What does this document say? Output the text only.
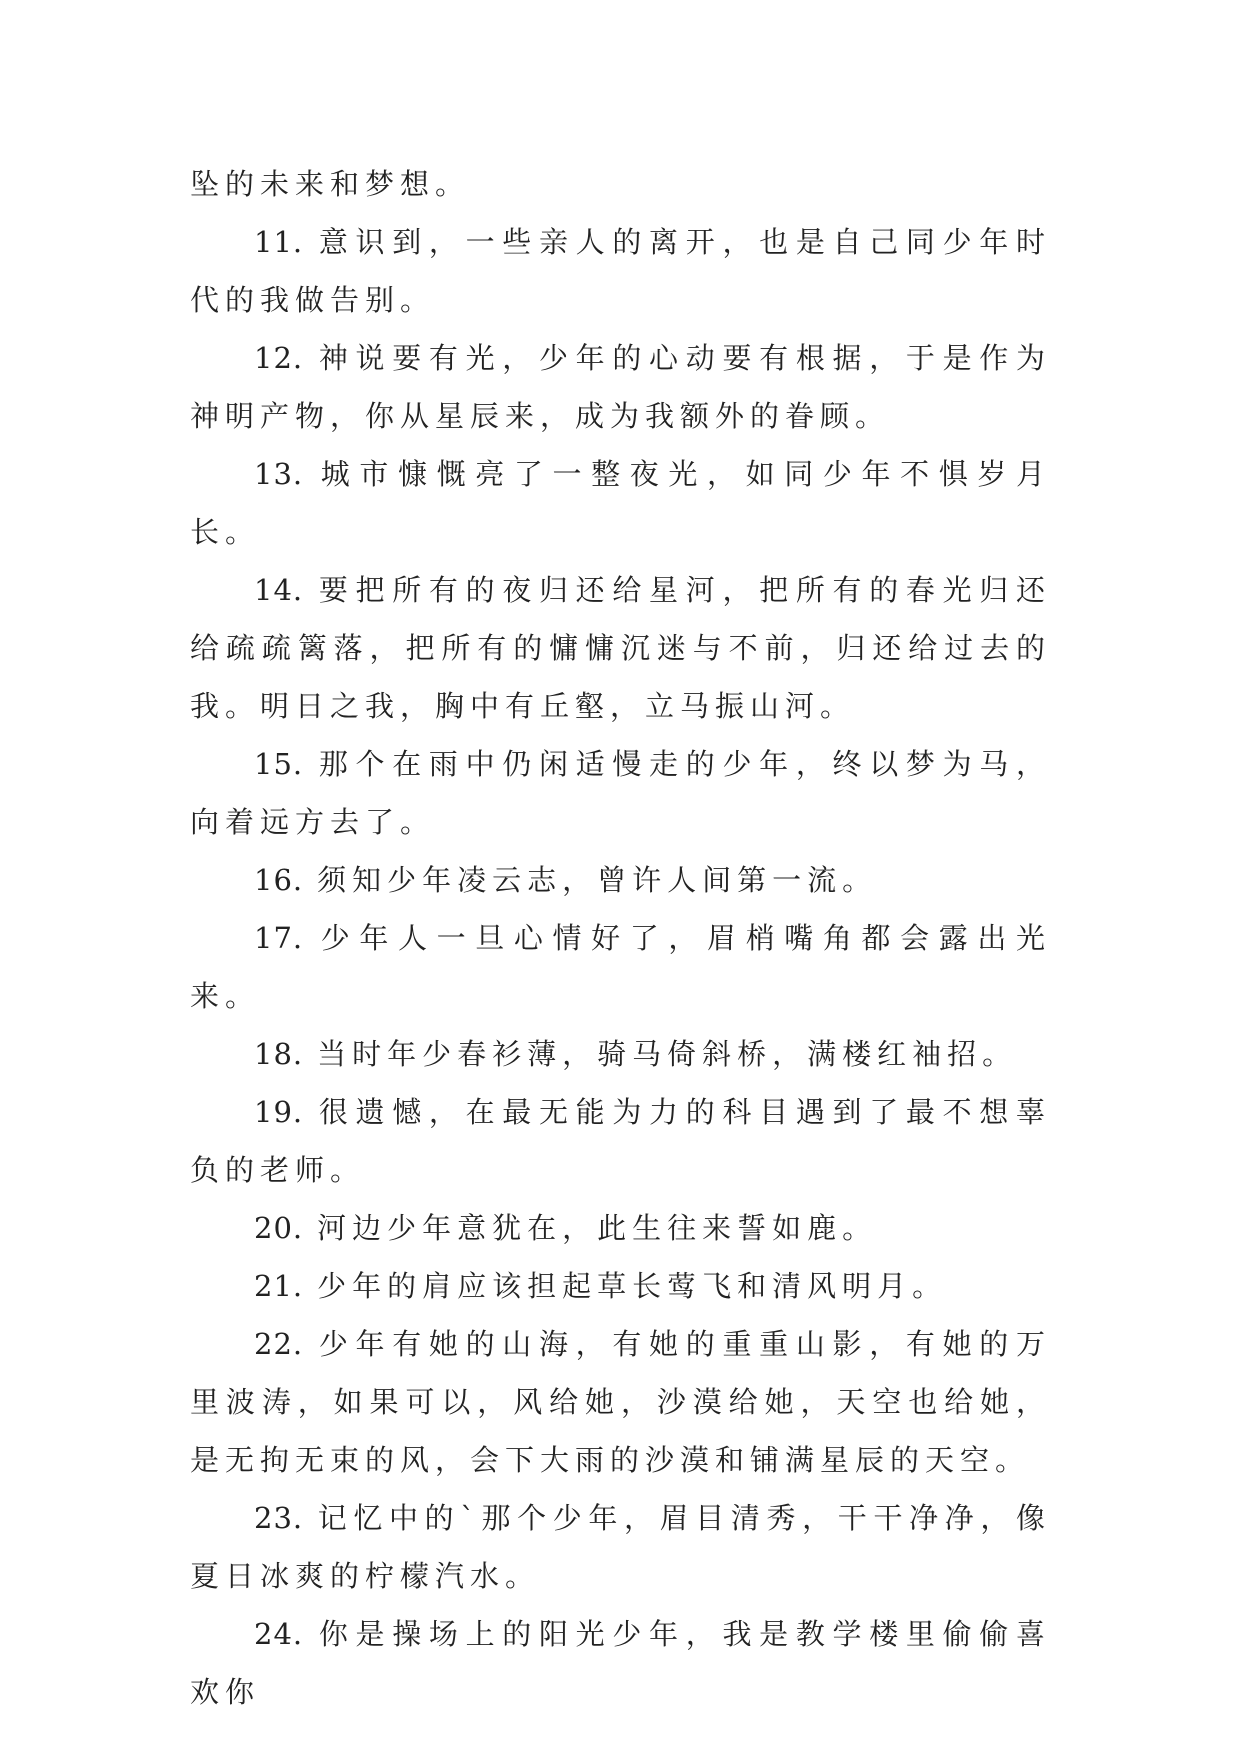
坠的未来和梦想。

11. 意识到，一些亲人的离开，也是自己同少年时代的我做告别。

12. 神说要有光，少年的心动要有根据，于是作为神明产物，你从星辰来，成为我额外的眷顾。

13. 城市慷慨亮了一整夜光，如同少年不惧岁月长。

14. 要把所有的夜归还给星河，把所有的春光归还给疏疏篱落，把所有的慵慵沉迷与不前，归还给过去的我。明日之我，胸中有丘壑，立马振山河。

15. 那个在雨中仍闲适慢走的少年，终以梦为马，向着远方去了。

16. 须知少年凌云志，曾许人间第一流。

17. 少年人一旦心情好了，眉梢嘴角都会露出光来。

18. 当时年少春衫薄，骑马倚斜桥，满楼红袖招。

19. 很遗憾，在最无能为力的科目遇到了最不想辜负的老师。

20. 河边少年意犹在，此生往来誓如鹿。

21. 少年的肩应该担起草长莺飞和清风明月。

22. 少年有她的山海，有她的重重山影，有她的万里波涛，如果可以，风给她，沙漠给她，天空也给她，是无拘无束的风，会下大雨的沙漠和铺满星辰的天空。

23. 记忆中的`那个少年，眉目清秀，干干净净，像夏日冰爽的柠檬汽水。

24. 你是操场上的阳光少年，我是教学楼里偷偷喜欢你
